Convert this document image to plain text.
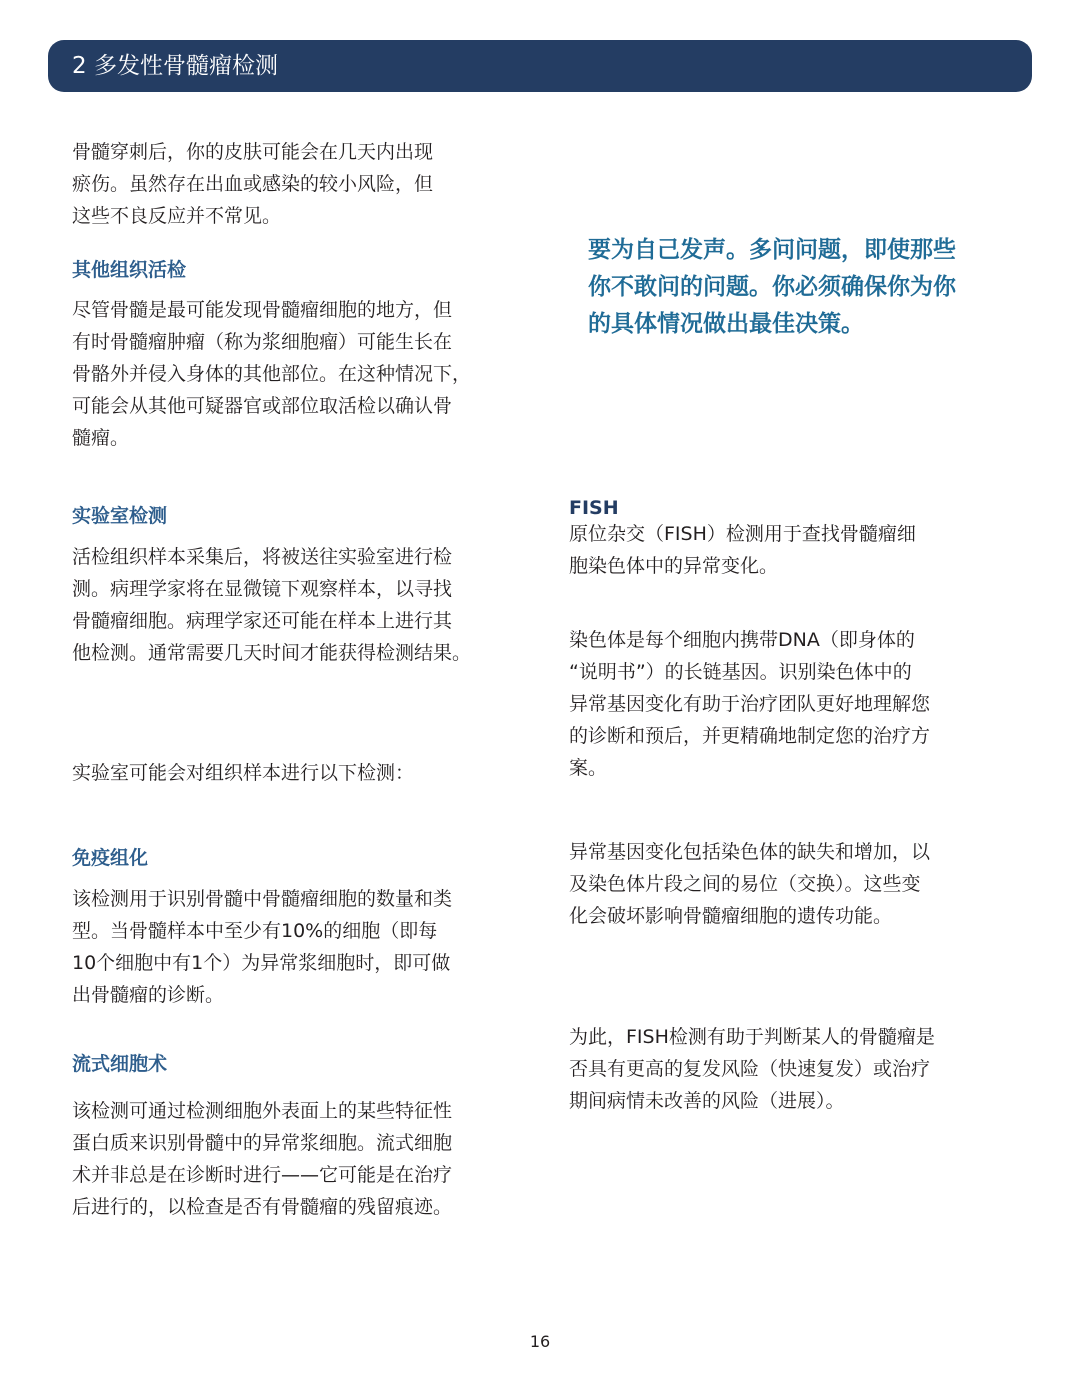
2 多发性骨髓瘤检测

骨髓穿刺后，你的皮肤可能会在几天内出现
瘀伤。虽然存在出血或感染的较小风险，但
这些不良反应并不常见。

其他组织活检

尽管骨髓是最可能发现骨髓瘤细胞的地方，但
有时骨髓瘤肿瘤（称为浆细胞瘤）可能生长在
骨骼外并侵入身体的其他部位。在这种情况下，
可能会从其他可疑器官或部位取活检以确认骨
髓瘤。

实验室检测

活检组织样本采集后，将被送往实验室进行检
测。病理学家将在显微镜下观察样本，以寻找
骨髓瘤细胞。病理学家还可能在样本上进行其
他检测。通常需要几天时间才能获得检测结果。

实验室可能会对组织样本进行以下检测：

免疫组化

该检测用于识别骨髓中骨髓瘤细胞的数量和类
型。当骨髓样本中至少有10%的细胞（即每
10个细胞中有1个）为异常浆细胞时，即可做
出骨髓瘤的诊断。

流式细胞术

该检测可通过检测细胞外表面上的某些特征性
蛋白质来识别骨髓中的异常浆细胞。流式细胞
术并非总是在诊断时进行——它可能是在治疗
后进行的，以检查是否有骨髓瘤的残留痕迹。

要为自己发声。多问问题，即使那些
你不敢问的问题。你必须确保你为你
的具体情况做出最佳决策。

FISH

原位杂交（FISH）检测用于查找骨髓瘤细
胞染色体中的异常变化。

染色体是每个细胞内携带DNA（即身体的
“说明书”）的长链基因。识别染色体中的
异常基因变化有助于治疗团队更好地理解您
的诊断和预后，并更精确地制定您的治疗方
案。

异常基因变化包括染色体的缺失和增加，以
及染色体片段之间的易位（交换）。这些变
化会破坏影响骨髓瘤细胞的遗传功能。

为此，FISH检测有助于判断某人的骨髓瘤是
否具有更高的复发风险（快速复发）或治疗
期间病情未改善的风险（进展）。

16
